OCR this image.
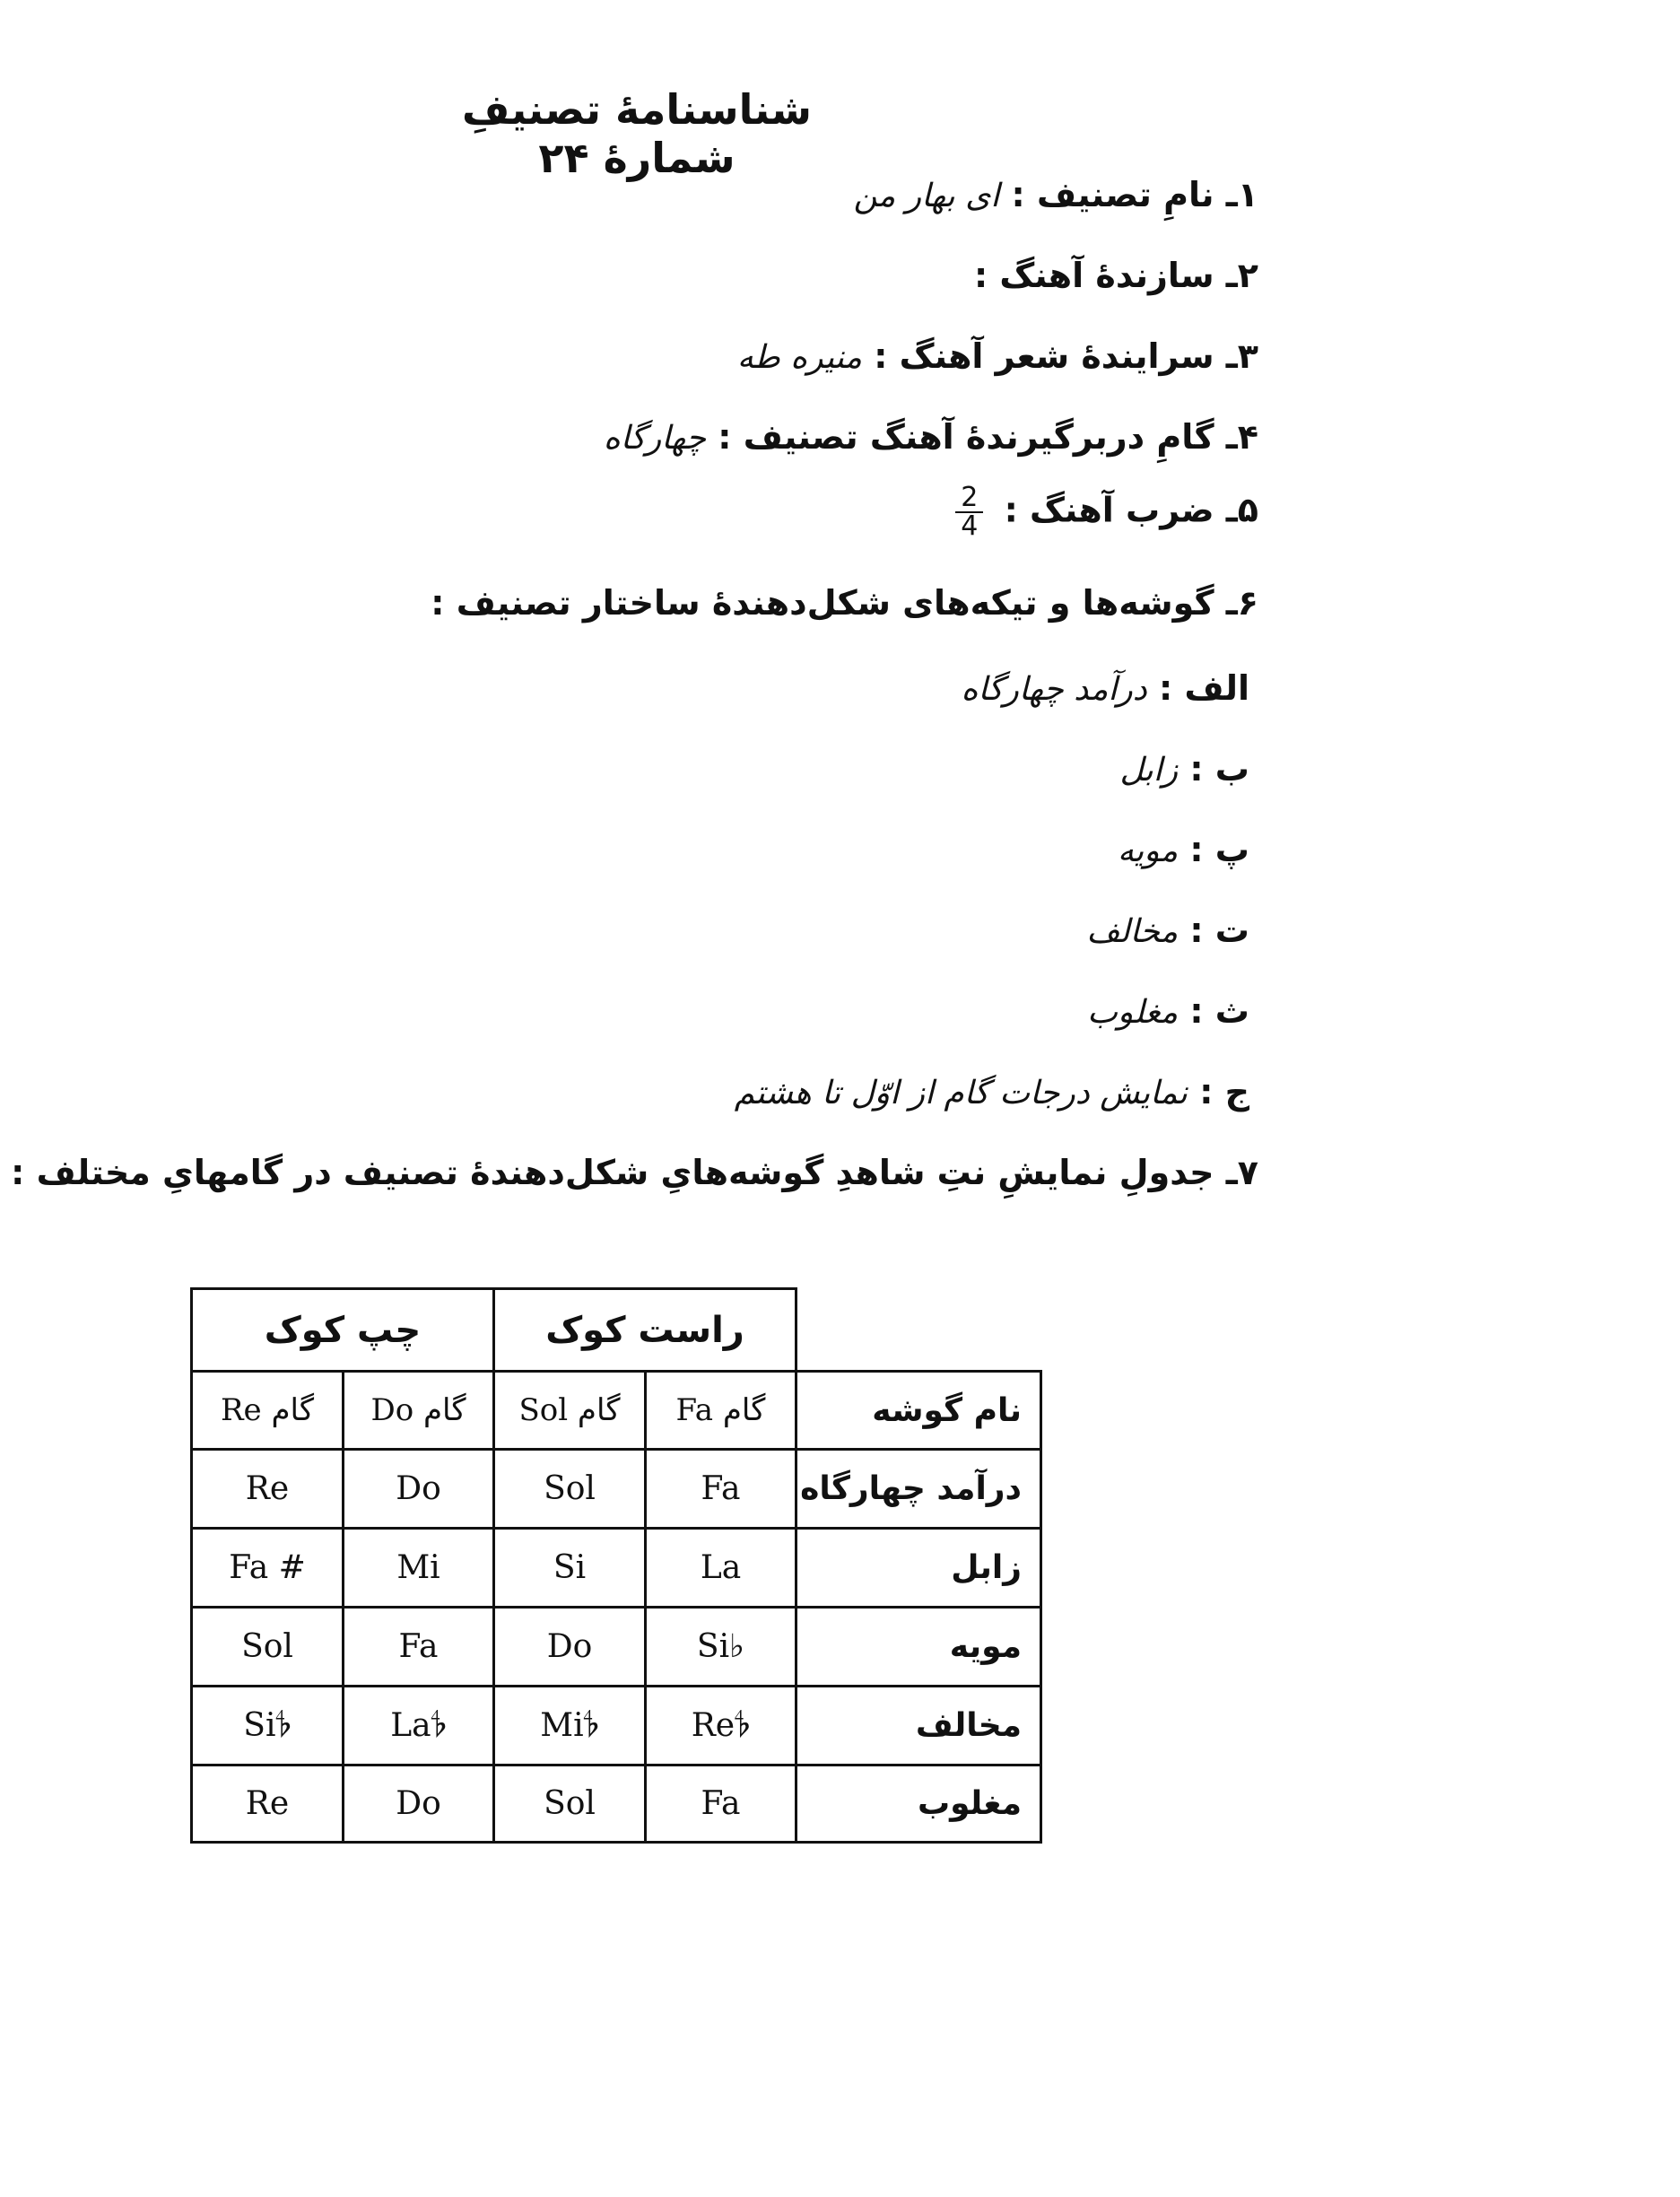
شناسنامهٔ تصنیفِ شمارهٔ ۲۴
۱ـ نامِ تصنیف : ای بهار من
۲ـ سازندهٔ آهنگ :
۳ـ سرایندهٔ شعر آهنگ : منیره طه
۴ـ گامِ دربرگیرندهٔ آهنگ تصنیف : چهارگاه
۵ـ ضرب آهنگ :
$\frac{2}{4}$
۶ـ گوشه‌ها و تیکه‌های شکل‌دهندهٔ ساختار تصنیف :
الف : درآمد چهارگاه
ب : زابل
پ : مویه
ت : مخالف
ث : مغلوب
ج : نمایش درجات گام از اوّل تا هشتم
۷ـ جدولِ نمایشِ نتِ شاهدِ گوشه‌هایِ شکل‌دهندهٔ تصنیف در گامهایِ مختلف :
چپ کوک	راست کوک
گام Re	گام Do	گام Sol	گام Fa	نام گوشه
Re	Do	Sol	Fa	درآمد چهارگاه
Fa #	Mi	Si	La	زابل
Sol	Fa	Do	Si♭	مویه
Si𝄳	La𝄳	Mi𝄳	Re𝄳	مخالف
Re	Do	Sol	Fa	مغلوب
